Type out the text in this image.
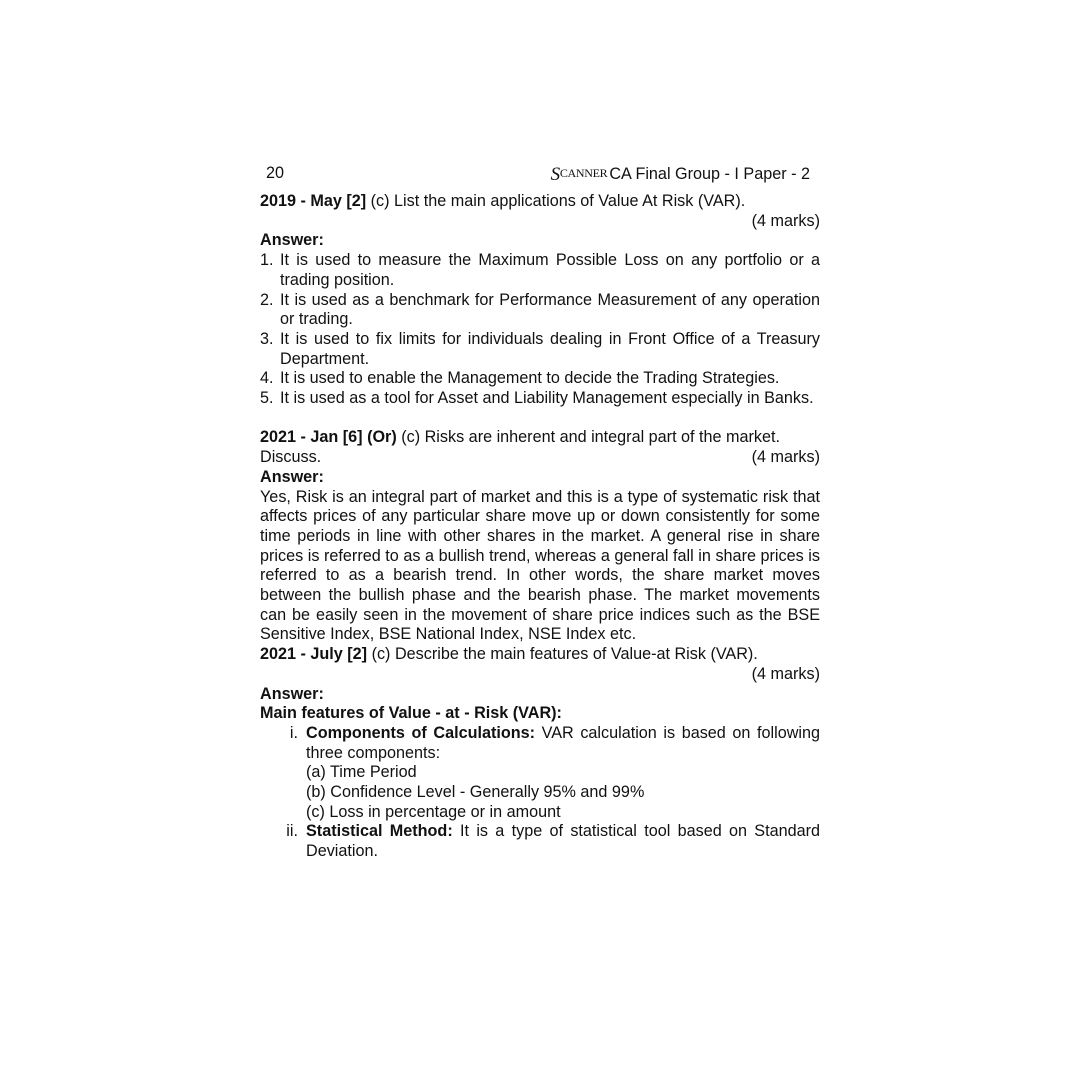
20	SCANNER CA Final Group - I Paper - 2

2019 - May [2] (c) List the main applications of Value At Risk (VAR).

(4 marks)

Answer:

1. It is used to measure the Maximum Possible Loss on any portfolio or a trading position.
2. It is used as a benchmark for Performance Measurement of any operation or trading.
3. It is used to fix limits for individuals dealing in Front Office of a Treasury Department.
4. It is used to enable the Management to decide the Trading Strategies.
5. It is used as a tool for Asset and Liability Management especially in Banks.

2021 - Jan [6] (Or) (c) Risks are inherent and integral part of the market.

Discuss.	(4 marks)

Answer:

Yes, Risk is an integral part of market and this is a type of systematic risk that affects prices of any particular share move up or down consistently for some time periods in line with other shares in the market. A general rise in share prices is referred to as a bullish trend, whereas a general fall in share prices is referred to as a bearish trend. In other words, the share market moves between the bullish phase and the bearish phase. The market movements can be easily seen in the movement of share price indices such as the BSE Sensitive Index, BSE National Index, NSE Index etc.

2021 - July [2] (c) Describe the main features of Value-at Risk (VAR).

(4 marks)

Answer:

Main features of Value - at - Risk (VAR):

i. Components of Calculations: VAR calculation is based on following three components:

(a) Time Period

(b) Confidence Level - Generally 95% and 99%

(c) Loss in percentage or in amount

ii. Statistical Method: It is a type of statistical tool based on Standard Deviation.
